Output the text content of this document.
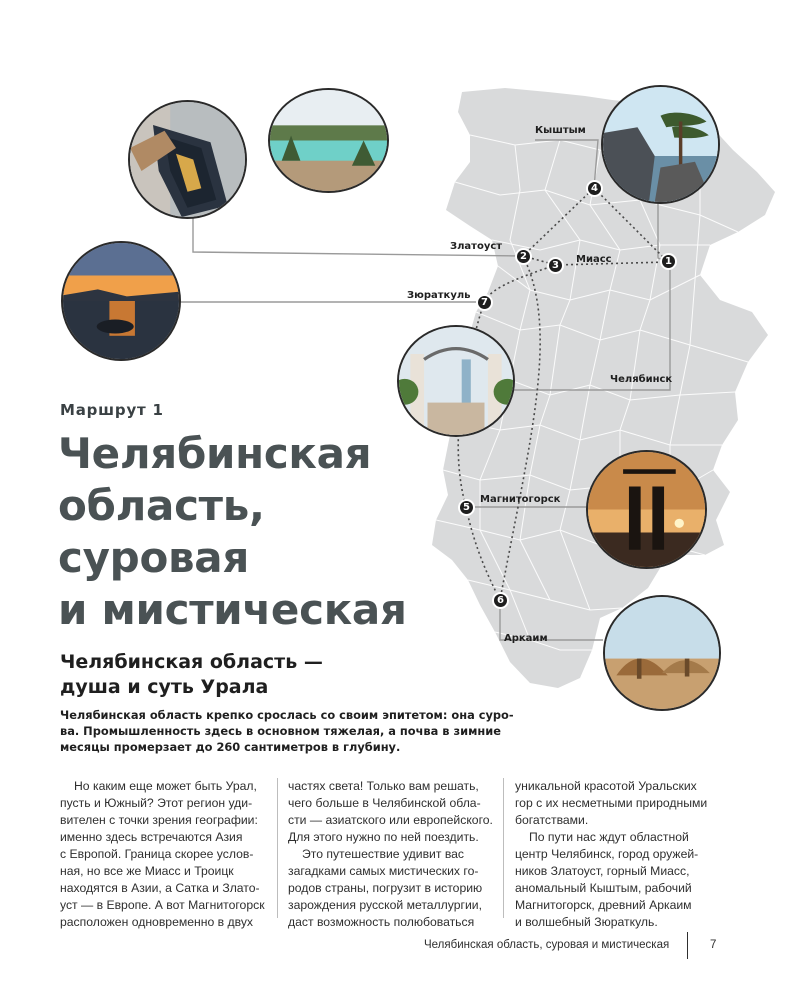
1
2
3
4
5
6
7
Кыштым
Златоуст
Миасс
Зюраткуль
Челябинск
Магнитогорск
Аркаим
Маршрут 1
Челябинская
область,
суровая
и мистическая
Челябинская область —
душа и суть Урала

Челябинская область крепко срослась со своим эпитетом: она суро-
ва. Промышленность здесь в основном тяжелая, а почва в зимние
месяцы промерзает до 260 сантиметров в глубину.

Но каким еще может быть Урал,
пусть и Южный? Этот регион уди-
вителен с точки зрения географии:
именно здесь встречаются Азия
с Европой. Граница скорее услов-
ная, но все же Миасс и Троицк
находятся в Азии, а Сатка и Злато-
уст — в Европе. А вот Магнитогорск
расположен одновременно в двух
частях света! Только вам решать,
чего больше в Челябинской обла-
сти — азиатского или европейского.
Для этого нужно по ней поездить.
Это путешествие удивит вас
загадками самых мистических го-
родов страны, погрузит в историю
зарождения русской металлургии,
даст возможность полюбоваться
уникальной красотой Уральских
гор с их несметными природными
богатствами.
По пути нас ждут областной
центр Челябинск, город оружей-
ников Златоуст, горный Миасс,
аномальный Кыштым, рабочий
Магнитогорск, древний Аркаим
и волшебный Зюраткуль.
Челябинская область, суровая и мистическая	7
